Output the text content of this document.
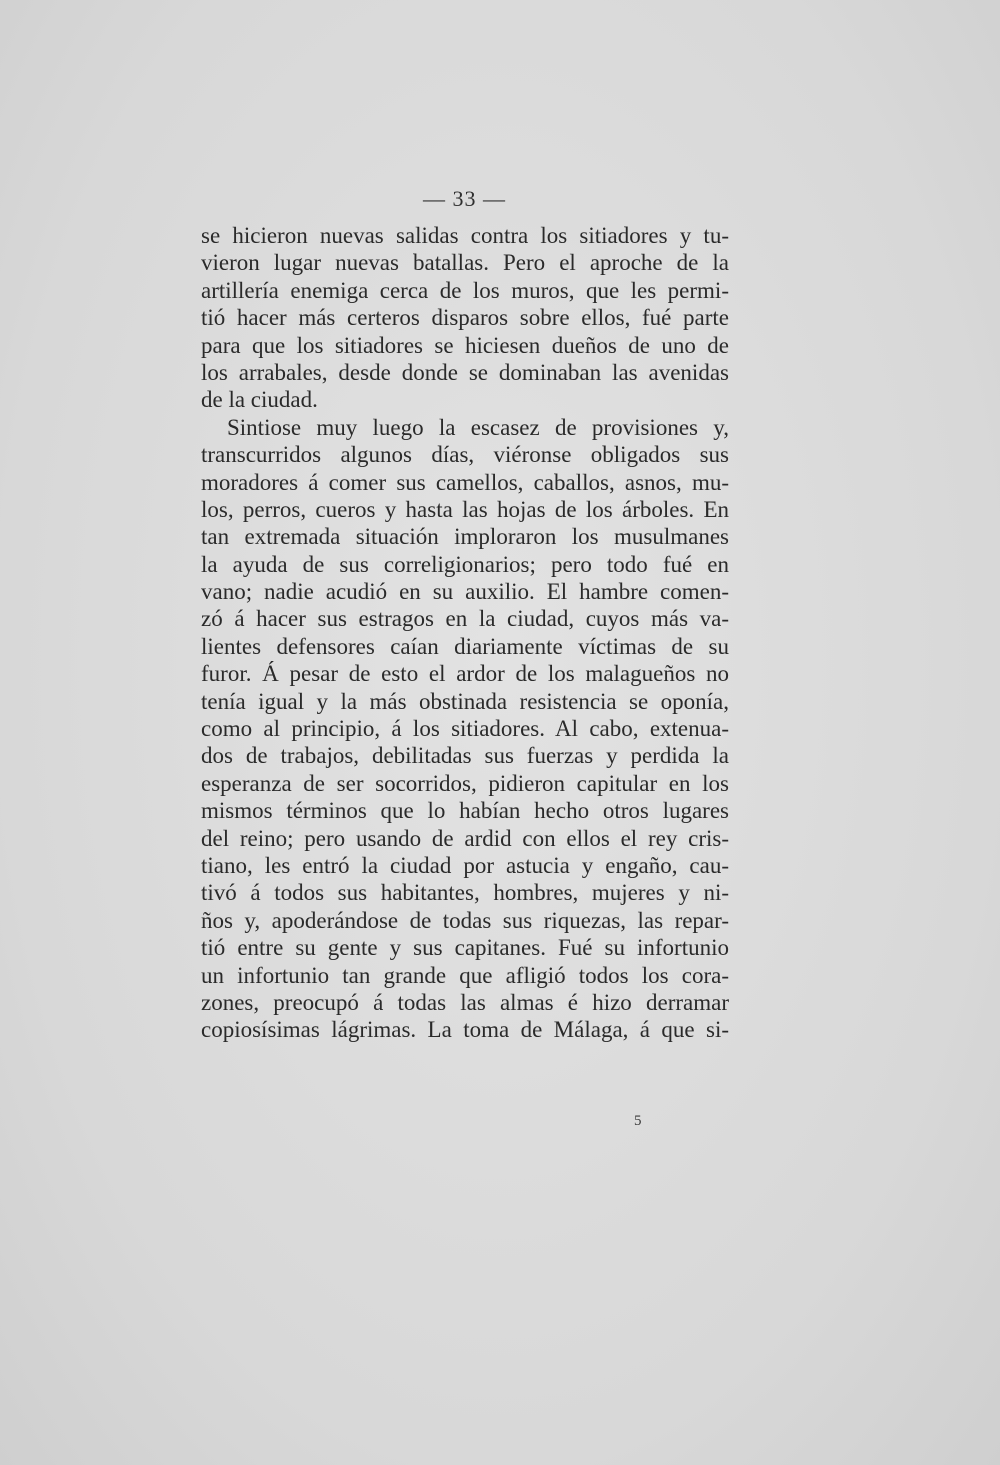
— 33 —
se hicieron nuevas salidas contra los sitiadores y tu-
vieron lugar nuevas batallas. Pero el aproche de la
artillería enemiga cerca de los muros, que les permi-
tió hacer más certeros disparos sobre ellos, fué parte
para que los sitiadores se hiciesen dueños de uno de
los arrabales, desde donde se dominaban las avenidas
de la ciudad.
Sintiose muy luego la escasez de provisiones y,
transcurridos algunos días, viéronse obligados sus
moradores á comer sus camellos, caballos, asnos, mu-
los, perros, cueros y hasta las hojas de los árboles. En
tan extremada situación imploraron los musulmanes
la ayuda de sus correligionarios; pero todo fué en
vano; nadie acudió en su auxilio. El hambre comen-
zó á hacer sus estragos en la ciudad, cuyos más va-
lientes defensores caían diariamente víctimas de su
furor. Á pesar de esto el ardor de los malagueños no
tenía igual y la más obstinada resistencia se oponía,
como al principio, á los sitiadores. Al cabo, extenua-
dos de trabajos, debilitadas sus fuerzas y perdida la
esperanza de ser socorridos, pidieron capitular en los
mismos términos que lo habían hecho otros lugares
del reino; pero usando de ardid con ellos el rey cris-
tiano, les entró la ciudad por astucia y engaño, cau-
tivó á todos sus habitantes, hombres, mujeres y ni-
ños y, apoderándose de todas sus riquezas, las repar-
tió entre su gente y sus capitanes. Fué su infortunio
un infortunio tan grande que afligió todos los cora-
zones, preocupó á todas las almas é hizo derramar
copiosísimas lágrimas. La toma de Málaga, á que si-
5
